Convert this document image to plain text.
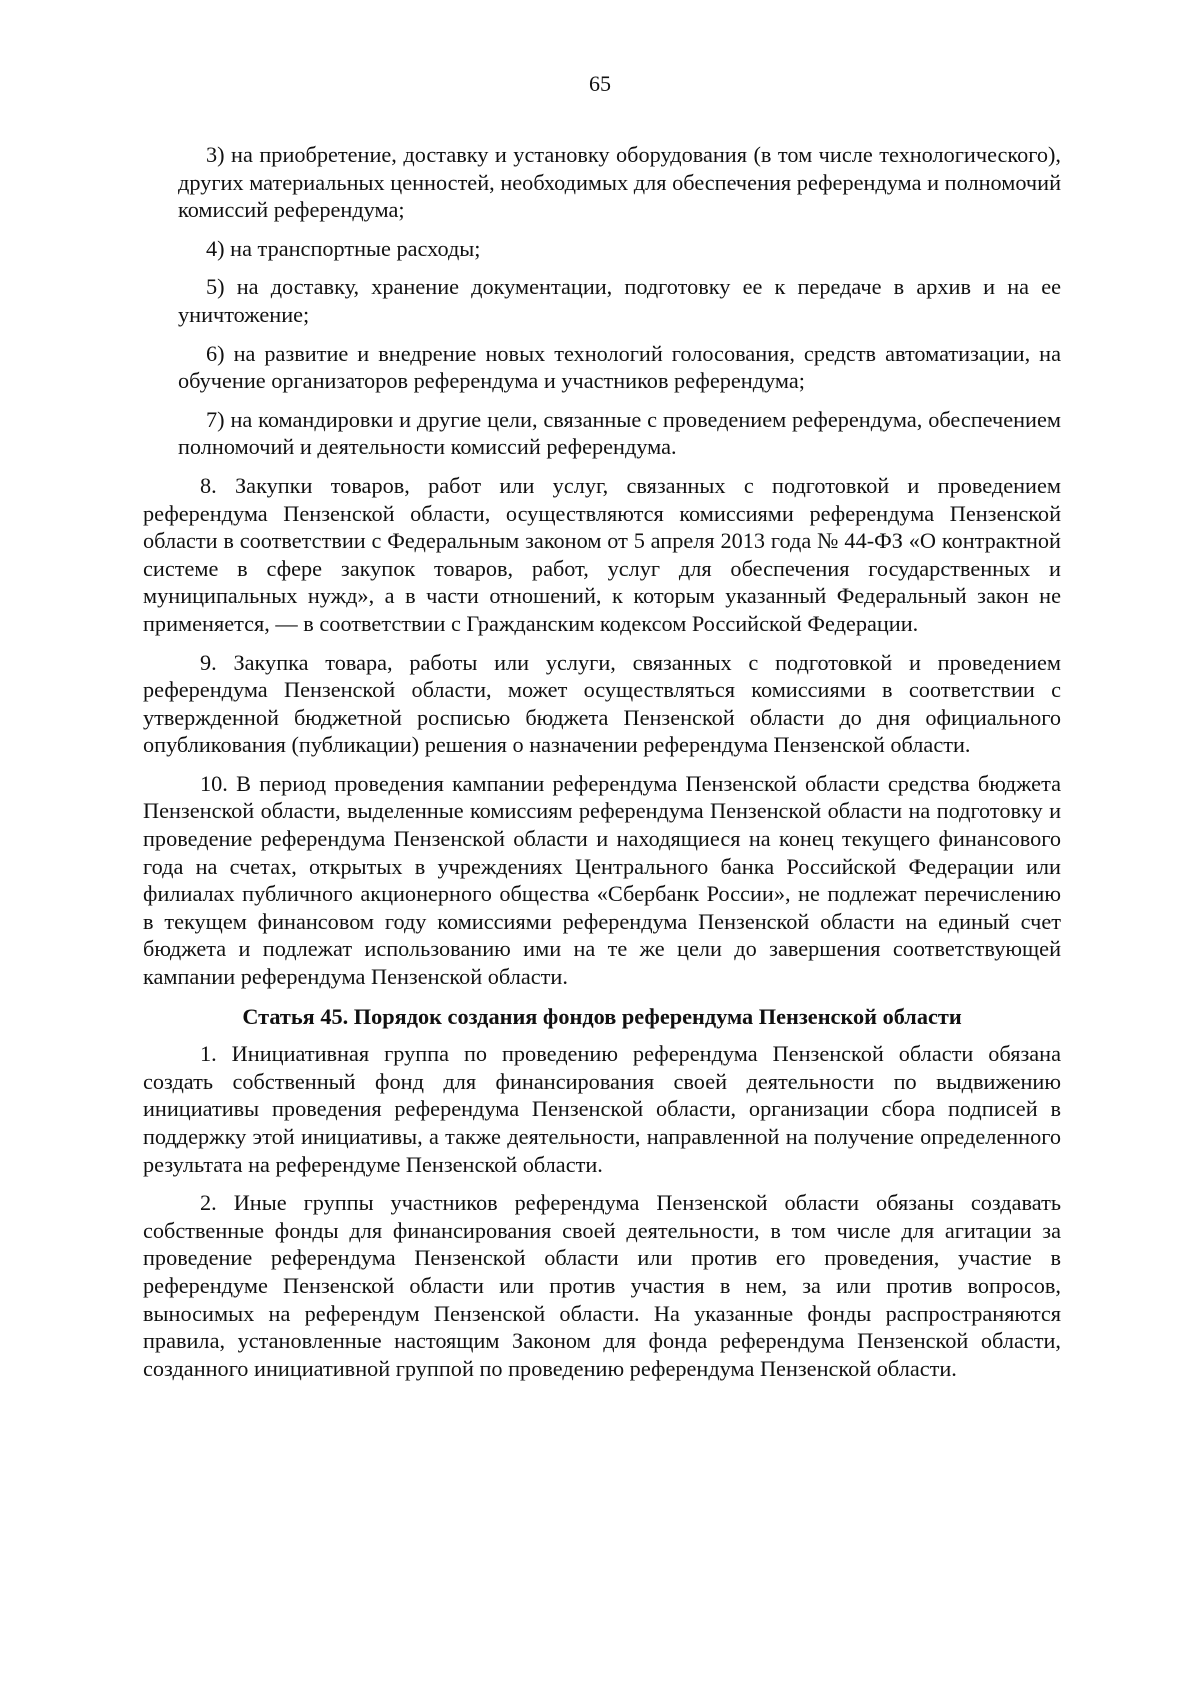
65

3) на приобретение, доставку и установку оборудования (в том числе технологического), других материальных ценностей, необходимых для обеспечения референдума и полномочий комиссий референдума;

4) на транспортные расходы;

5) на доставку, хранение документации, подготовку ее к передаче в архив и на ее уничтожение;

6) на развитие и внедрение новых технологий голосования, средств автоматизации, на обучение организаторов референдума и участников референдума;

7) на командировки и другие цели, связанные с проведением референдума, обеспечением полномочий и деятельности комиссий референдума.

8. Закупки товаров, работ или услуг, связанных с подготовкой и проведением референдума Пензенской области, осуществляются комиссиями референдума Пензенской области в соответствии с Федеральным законом от 5 апреля 2013 года № 44-ФЗ «О контрактной системе в сфере закупок товаров, работ, услуг для обеспечения государственных и муниципальных нужд», а в части отношений, к которым указанный Федеральный закон не применяется, — в соответствии с Гражданским кодексом Российской Федерации.

9. Закупка товара, работы или услуги, связанных с подготовкой и проведением референдума Пензенской области, может осуществляться комиссиями в соответствии с утвержденной бюджетной росписью бюджета Пензенской области до дня официального опубликования (публикации) решения о назначении референдума Пензенской области.

10. В период проведения кампании референдума Пензенской области средства бюджета Пензенской области, выделенные комиссиям референдума Пензенской области на подготовку и проведение референдума Пензенской области и находящиеся на конец текущего финансового года на счетах, открытых в учреждениях Центрального банка Российской Федерации или филиалах публичного акционерного общества «Сбербанк России», не подлежат перечислению в текущем финансовом году комиссиями референдума Пензенской области на единый счет бюджета и подлежат использованию ими на те же цели до завершения соответствующей кампании референдума Пензенской области.

Статья 45. Порядок создания фондов референдума Пензенской области

1. Инициативная группа по проведению референдума Пензенской области обязана создать собственный фонд для финансирования своей деятельности по выдвижению инициативы проведения референдума Пензенской области, организации сбора подписей в поддержку этой инициативы, а также деятельности, направленной на получение определенного результата на референдуме Пензенской области.

2. Иные группы участников референдума Пензенской области обязаны создавать собственные фонды для финансирования своей деятельности, в том числе для агитации за проведение референдума Пензенской области или против его проведения, участие в референдуме Пензенской области или против участия в нем, за или против вопросов, выносимых на референдум Пензенской области. На указанные фонды распространяются правила, установленные настоящим Законом для фонда референдума Пензенской области, созданного инициативной группой по проведению референдума Пензенской области.
